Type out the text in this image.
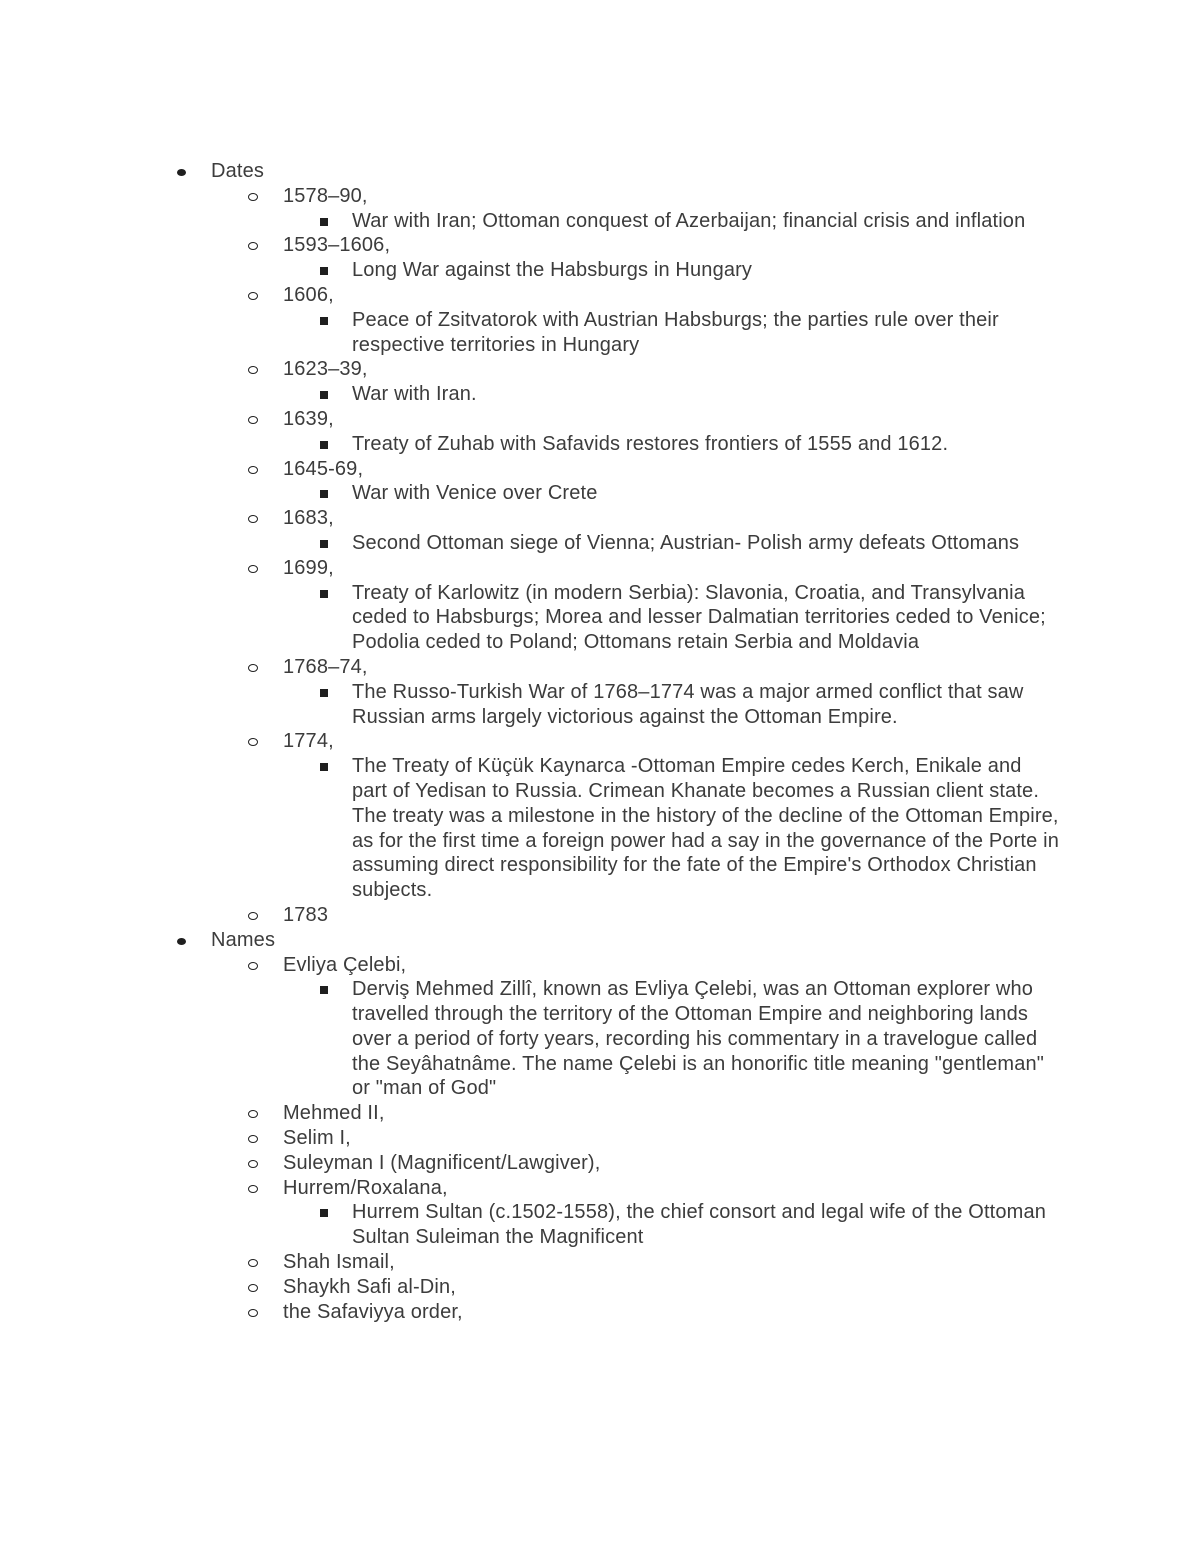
Dates
1578–90,
War with Iran; Ottoman conquest of Azerbaijan; financial crisis and inflation
1593–1606,
Long War against the Habsburgs in Hungary
1606,
Peace of Zsitvatorok with Austrian Habsburgs; the parties rule over their respective territories in Hungary
1623–39,
War with Iran.
1639,
Treaty of Zuhab with Safavids restores frontiers of 1555 and 1612.
1645-69,
War with Venice over Crete
1683,
Second Ottoman siege of Vienna; Austrian- Polish army defeats Ottomans
1699,
Treaty of Karlowitz (in modern Serbia): Slavonia, Croatia, and Transylvania ceded to Habsburgs; Morea and lesser Dalmatian territories ceded to Venice; Podolia ceded to Poland; Ottomans retain Serbia and Moldavia
1768–74,
The Russo-Turkish War of 1768–1774 was a major armed conflict that saw Russian arms largely victorious against the Ottoman Empire.
1774,
The Treaty of Küçük Kaynarca -Ottoman Empire cedes Kerch, Enikale and part of Yedisan to Russia. Crimean Khanate becomes a Russian client state. The treaty was a milestone in the history of the decline of the Ottoman Empire, as for the first time a foreign power had a say in the governance of the Porte in assuming direct responsibility for the fate of the Empire's Orthodox Christian subjects.
1783
Names
Evliya Çelebi,
Derviş Mehmed Zillî, known as Evliya Çelebi, was an Ottoman explorer who travelled through the territory of the Ottoman Empire and neighboring lands over a period of forty years, recording his commentary in a travelogue called the Seyâhatnâme. The name Çelebi is an honorific title meaning "gentleman" or "man of God"
Mehmed II,
Selim I,
Suleyman I (Magnificent/Lawgiver),
Hurrem/Roxalana,
Hurrem Sultan (c.1502-1558), the chief consort and legal wife of the Ottoman Sultan Suleiman the Magnificent
Shah Ismail,
Shaykh Safi al-Din,
the Safaviyya order,
